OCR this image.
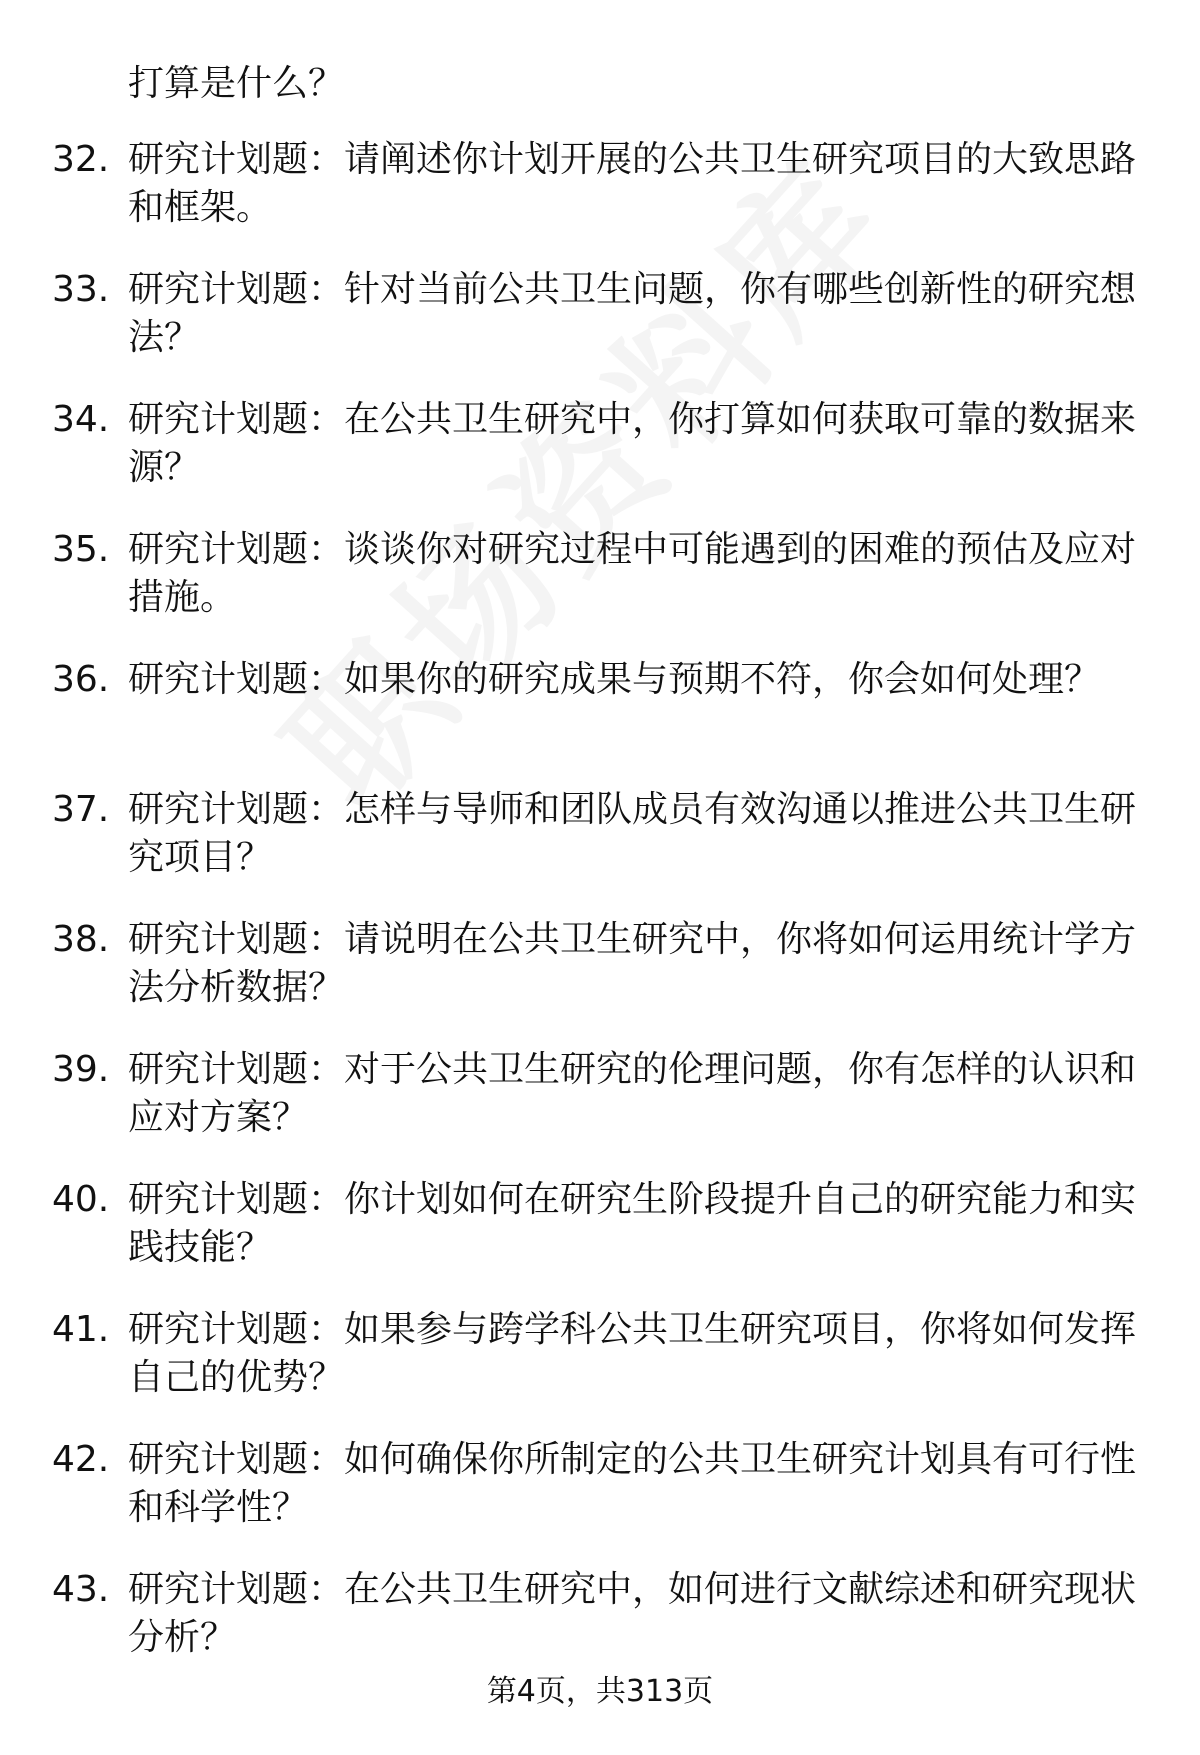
打算是什么？

32. 研究计划题：请阐述你计划开展的公共卫生研究项目的大致思路和框架。
33. 研究计划题：针对当前公共卫生问题，你有哪些创新性的研究想法？
34. 研究计划题：在公共卫生研究中，你打算如何获取可靠的数据来源？
35. 研究计划题：谈谈你对研究过程中可能遇到的困难的预估及应对措施。
36. 研究计划题：如果你的研究成果与预期不符，你会如何处理？
37. 研究计划题：怎样与导师和团队成员有效沟通以推进公共卫生研究项目？
38. 研究计划题：请说明在公共卫生研究中，你将如何运用统计学方法分析数据？
39. 研究计划题：对于公共卫生研究的伦理问题，你有怎样的认识和应对方案？
40. 研究计划题：你计划如何在研究生阶段提升自己的研究能力和实践技能？
41. 研究计划题：如果参与跨学科公共卫生研究项目，你将如何发挥自己的优势？
42. 研究计划题：如何确保你所制定的公共卫生研究计划具有可行性和科学性？
43. 研究计划题：在公共卫生研究中，如何进行文献综述和研究现状分析？
第4页，共313页
